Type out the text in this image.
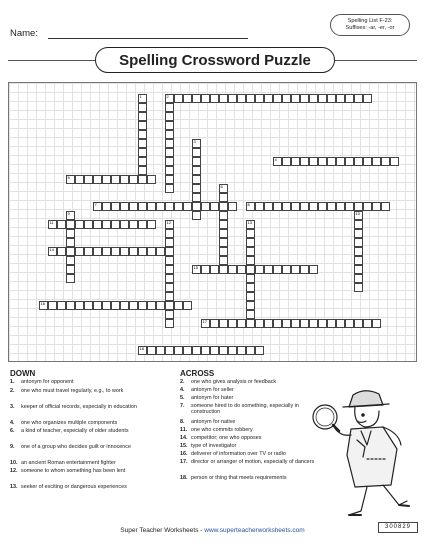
Name:
Spelling List F-23:
Suffixes: -ar, -er, -or
Spelling Crossword Puzzle
1	2
3
4
5
6
7	8
10
9
11	12	13
14
15
16
17
18
DOWN
1. antonym for opponent
2. one who must travel regularly, e.g., to work
3. keeper of official records, especially in education
4. one who organizes multiple components
6. a kind of teacher, especially of older students
9. one of a group who decides guilt or innocence
10. an ancient Roman entertainment fighter
12. someone to whom something has been lent
13. seeker of exciting or dangerous experiences
ACROSS
2. one who gives analysis or feedback
4. antonym for seller
5. antonym for hater
7. someone hired to do something, especially in construction
8. antonym for native
11. one who commits robbery
14. competitor; one who opposes
15. type of investigator
16. deliverer of information over TV or radio
17. director or arranger of motion, especially of dancers
18. person or thing that meets requirements
Super Teacher Worksheets - www.superteacherworksheets.com	300829
